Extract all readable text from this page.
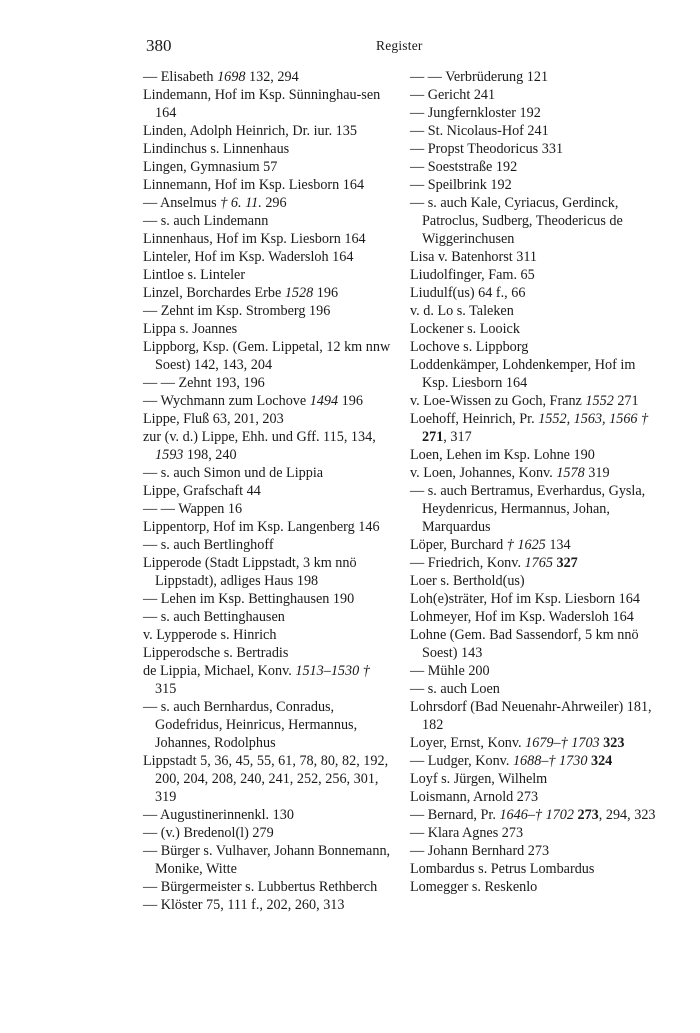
380	Register
— Elisabeth 1698 132, 294
Lindemann, Hof im Ksp. Sünninghau-sen 164
Linden, Adolph Heinrich, Dr. iur. 135
Lindinchus s. Linnenhaus
Lingen, Gymnasium 57
Linnemann, Hof im Ksp. Liesborn 164
— Anselmus † 6. 11. 296
— s. auch Lindemann
Linnenhaus, Hof im Ksp. Liesborn 164
Linteler, Hof im Ksp. Wadersloh 164
Lintloe s. Linteler
Linzel, Borchardes Erbe 1528 196
— Zehnt im Ksp. Stromberg 196
Lippa s. Joannes
Lippborg, Ksp. (Gem. Lippetal, 12 km nnw Soest) 142, 143, 204
— — Zehnt 193, 196
— Wychmann zum Lochove 1494 196
Lippe, Fluß 63, 201, 203
zur (v. d.) Lippe, Ehh. und Gff. 115, 134, 1593 198, 240
— s. auch Simon und de Lippia
Lippe, Grafschaft 44
— — Wappen 16
Lippentorp, Hof im Ksp. Langenberg 146
— s. auch Bertlinghoff
Lipperode (Stadt Lippstadt, 3 km nnö Lippstadt), adliges Haus 198
— Lehen im Ksp. Bettinghausen 190
— s. auch Bettinghausen
v. Lypperode s. Hinrich
Lipperodsche s. Bertradis
de Lippia, Michael, Konv. 1513–1530 † 315
— s. auch Bernhardus, Conradus, Godefridus, Heinricus, Hermannus, Johannes, Rodolphus
Lippstadt 5, 36, 45, 55, 61, 78, 80, 82, 192, 200, 204, 208, 240, 241, 252, 256, 301, 319
— Augustinerinnenkl. 130
— (v.) Bredenol(l) 279
— Bürger s. Vulhaver, Johann Bonnemann, Monike, Witte
— Bürgermeister s. Lubbertus Rethberch
— Klöster 75, 111 f., 202, 260, 313
— — Verbrüderung 121
— Gericht 241
— Jungfernkloster 192
— St. Nicolaus-Hof 241
— Propst Theodoricus 331
— Soeststraße 192
— Speilbrink 192
— s. auch Kale, Cyriacus, Gerdinck, Patroclus, Sudberg, Theodericus de Wiggerinchusen
Lisa v. Batenhorst 311
Liudolfinger, Fam. 65
Liudulf(us) 64 f., 66
v. d. Lo s. Taleken
Lockener s. Looick
Lochove s. Lippborg
Loddenkämper, Lohdenkemper, Hof im Ksp. Liesborn 164
v. Loe-Wissen zu Goch, Franz 1552 271
Loehoff, Heinrich, Pr. 1552, 1563, 1566 † 271, 317
Loen, Lehen im Ksp. Lohne 190
v. Loen, Johannes, Konv. 1578 319
— s. auch Bertramus, Everhardus, Gysla, Heydenricus, Hermannus, Johan, Marquardus
Löper, Burchard † 1625 134
— Friedrich, Konv. 1765 327
Loer s. Berthold(us)
Loh(e)sträter, Hof im Ksp. Liesborn 164
Lohmeyer, Hof im Ksp. Wadersloh 164
Lohne (Gem. Bad Sassendorf, 5 km nnö Soest) 143
— Mühle 200
— s. auch Loen
Lohrsdorf (Bad Neuenahr-Ahrweiler) 181, 182
Loyer, Ernst, Konv. 1679–† 1703 323
— Ludger, Konv. 1688–† 1730 324
Loyf s. Jürgen, Wilhelm
Loismann, Arnold 273
— Bernard, Pr. 1646–† 1702 273, 294, 323
— Klara Agnes 273
— Johann Bernhard 273
Lombardus s. Petrus Lombardus
Lomegger s. Reskenlo
